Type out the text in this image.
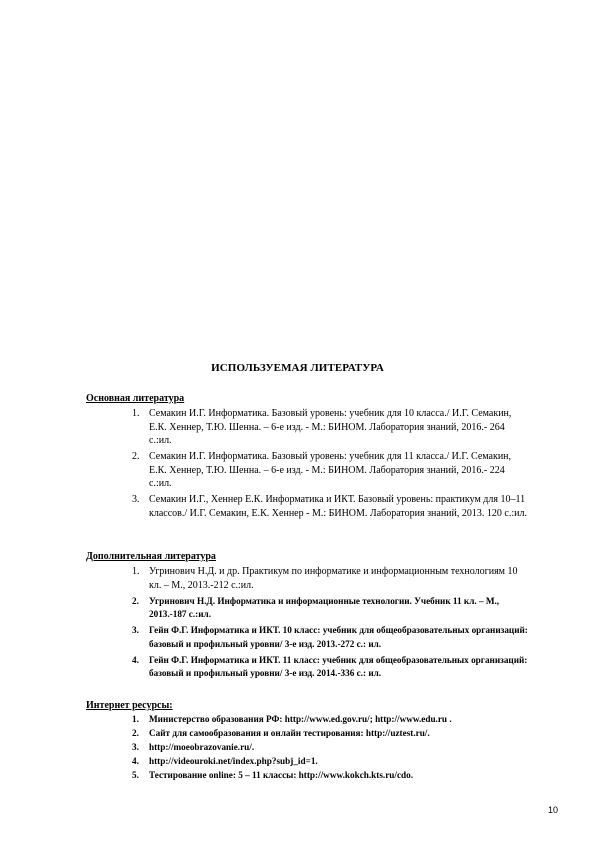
ИСПОЛЬЗУЕМАЯ ЛИТЕРАТУРА
Основная литература
1. Семакин И.Г. Информатика. Базовый уровень: учебник для 10 класса./ И.Г. Семакин, Е.К. Хеннер, Т.Ю. Шенна. – 6-е изд. - М.: БИНОМ. Лаборатория знаний, 2016.- 264 с.:ил.
2. Семакин И.Г. Информатика. Базовый уровень: учебник для 11 класса./ И.Г. Семакин, Е.К. Хеннер, Т.Ю. Шенна. – 6-е изд. - М.: БИНОМ. Лаборатория знаний, 2016.- 224 с.:ил.
3. Семакин И.Г., Хеннер Е.К. Информатика и ИКТ. Базовый уровень: практикум для 10–11 классов./ И.Г. Семакин, Е.К. Хеннер - М.: БИНОМ. Лаборатория знаний, 2013. 120 с.:ил.
Дополнительная литература
1. Угринович Н.Д. и др. Практикум по информатике и информационным технологиям 10 кл. – М., 2013.-212 с.:ил.
2. Угринович Н.Д. Информатика и информационные технологии. Учебник 11 кл. – М., 2013.-187 с.:ил.
3. Гейн Ф.Г. Информатика и ИКТ. 10 класс: учебник для общеобразовательных организаций: базовый и профильный уровни/ 3-е изд. 2013.-272 с.: ил.
4. Гейн Ф.Г. Информатика и ИКТ. 11 класс: учебник для общеобразовательных организаций: базовый и профильный уровни/ 3-е изд. 2014.-336 с.: ил.
Интернет ресурсы:
1. Министерство образования РФ: http://www.ed.gov.ru/; http://www.edu.ru .
2. Сайт для самообразования и онлайн тестирования: http://uztest.ru/.
3. http://moeobrazovanie.ru/.
4. http://videouroki.net/index.php?subj_id=1.
5. Тестирование online: 5 – 11 классы: http://www.kokch.kts.ru/cdo.
10
